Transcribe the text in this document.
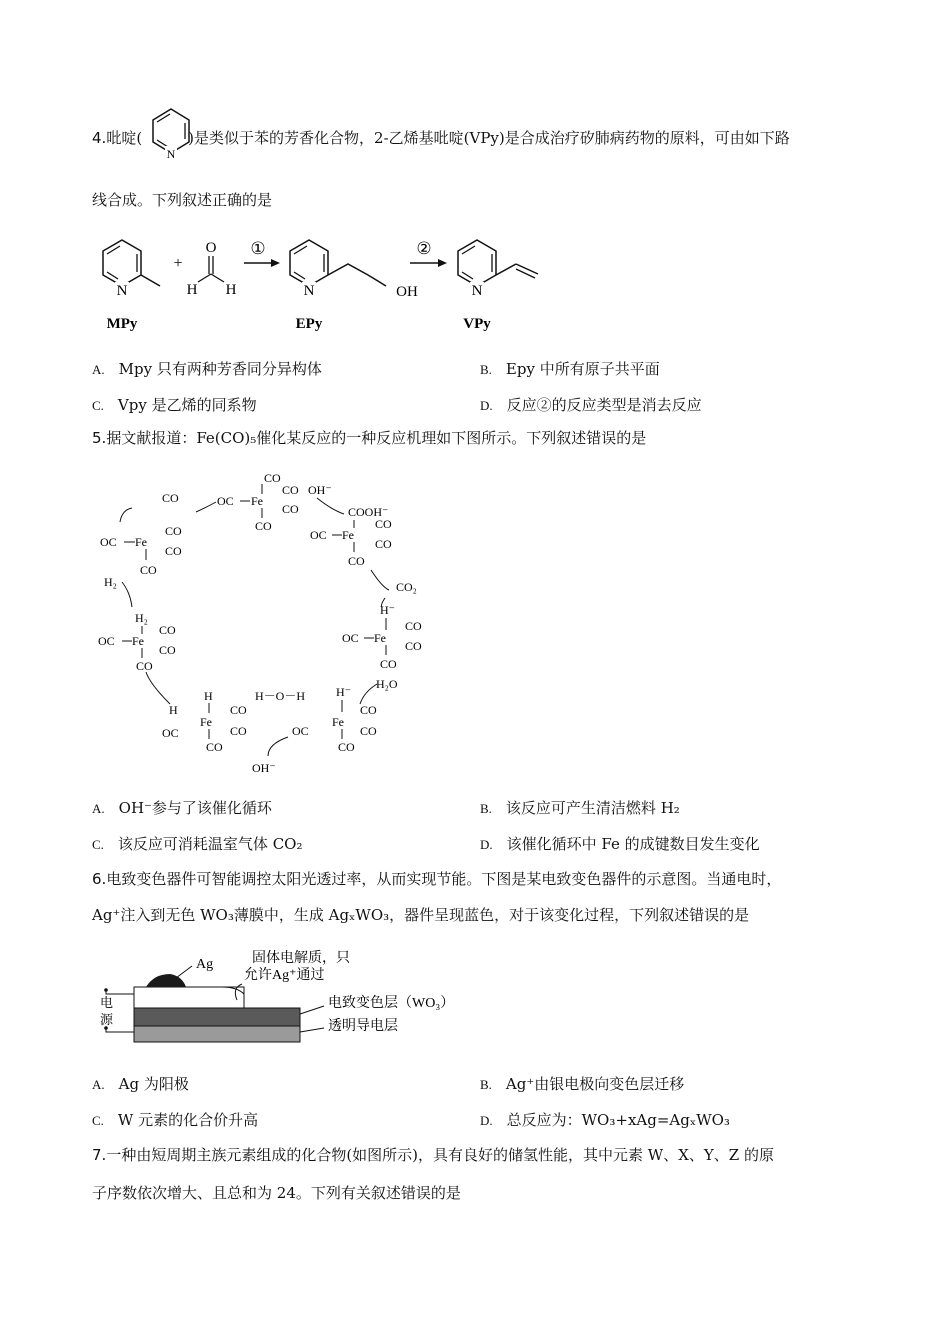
4.吡啶(	)是类似于苯的芳香化合物，2-乙烯基吡啶(VPy)是合成治疗矽肺病药物的原料，可由如下路
N
线合成。下列叙述正确的是
N
MPy
+
O
H H
①
N	OH
EPy
②
N
VPy
A. Mpy 只有两种芳香同分异构体	B. Epy 中所有原子共平面
C. Vpy 是乙烯的同系物	D. 反应②的反应类型是消去反应
5.据文献报道：Fe(CO)₅催化某反应的一种反应机理如下图所示。下列叙述错误的是
CO
OC Fe
CO
CO
CO
CO
OH⁻
COOH⁻
CO
OC Fe
CO
CO
CO₂
H⁻
OC Fe
CO
CO
CO
H₂O
H⁻
OC
Fe
CO
CO
CO
H－O－H
OH⁻
H
H
Fe
CO
CO
OC
CO
H₂
OC Fe
CO
CO
CO
H₂
OC Fe
CO
CO
CO
A. OH⁻参与了该催化循环	B. 该反应可产生清洁燃料 H₂
C. 该反应可消耗温室气体 CO₂	D. 该催化循环中 Fe 的成键数目发生变化
6.电致变色器件可智能调控太阳光透过率，从而实现节能。下图是某电致变色器件的示意图。当通电时，
Ag⁺注入到无色 WO₃薄膜中，生成 AgₓWO₃，器件呈现蓝色，对于该变化过程，下列叙述错误的是
电
源
Ag	固体电解质，只
允许Ag⁺通过
电致变色层（WO₃）
透明导电层
A. Ag 为阳极	B. Ag⁺由银电极向变色层迁移
C. W 元素的化合价升高	D. 总反应为：WO₃+xAg=AgₓWO₃
7.一种由短周期主族元素组成的化合物(如图所示)，具有良好的储氢性能，其中元素 W、X、Y、Z 的原
子序数依次增大、且总和为 24。下列有关叙述错误的是
